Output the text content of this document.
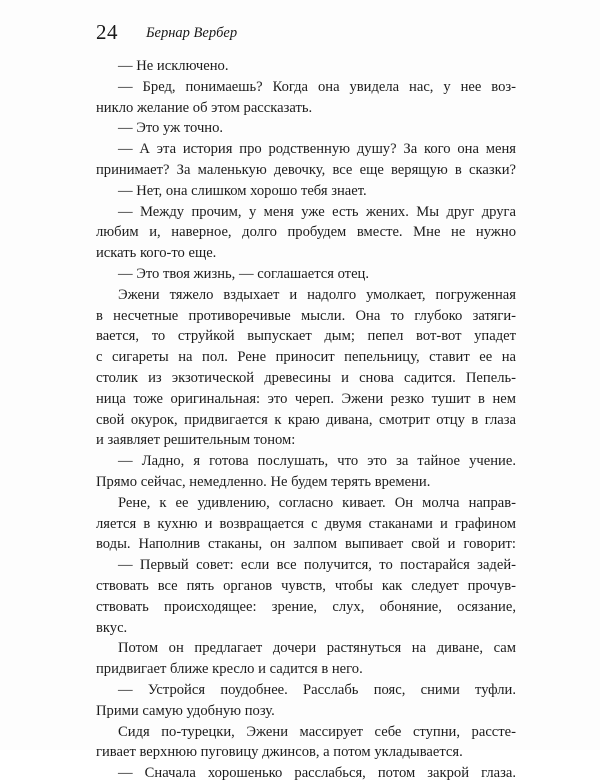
24 Бернар Вербер
— Не исключено.
— Бред, понимаешь? Когда она увидела нас, у нее воз-
никло желание об этом рассказать.
— Это уж точно.
— А эта история про родственную душу? За кого она меня
принимает? За маленькую девочку, все еще верящую в сказки?
— Нет, она слишком хорошо тебя знает.
— Между прочим, у меня уже есть жених. Мы друг друга
любим и, наверное, долго пробудем вместе. Мне не нужно
искать кого-то еще.
— Это твоя жизнь, — соглашается отец.
Эжени тяжело вздыхает и надолго умолкает, погруженная
в несчетные противоречивые мысли. Она то глубоко затяги-
вается, то струйкой выпускает дым; пепел вот-вот упадет
с сигареты на пол. Рене приносит пепельницу, ставит ее на
столик из экзотической древесины и снова садится. Пепель-
ница тоже оригинальная: это череп. Эжени резко тушит в нем
свой окурок, придвигается к краю дивана, смотрит отцу в глаза
и заявляет решительным тоном:
— Ладно, я готова послушать, что это за тайное учение.
Прямо сейчас, немедленно. Не будем терять времени.
Рене, к ее удивлению, согласно кивает. Он молча направ-
ляется в кухню и возвращается с двумя стаканами и графином
воды. Наполнив стаканы, он залпом выпивает свой и говорит:
— Первый совет: если все получится, то постарайся задей-
ствовать все пять органов чувств, чтобы как следует прочув-
ствовать происходящее: зрение, слух, обоняние, осязание,
вкус.
Потом он предлагает дочери растянуться на диване, сам
придвигает ближе кресло и садится в него.
— Устройся поудобнее. Расслабь пояс, сними туфли.
Прими самую удобную позу.
Сидя по-турецки, Эжени массирует себе ступни, расстe-
гивает верхнюю пуговицу джинсов, а потом укладывается.
— Сначала хорошенько расслабься, потом закрой глаза.
